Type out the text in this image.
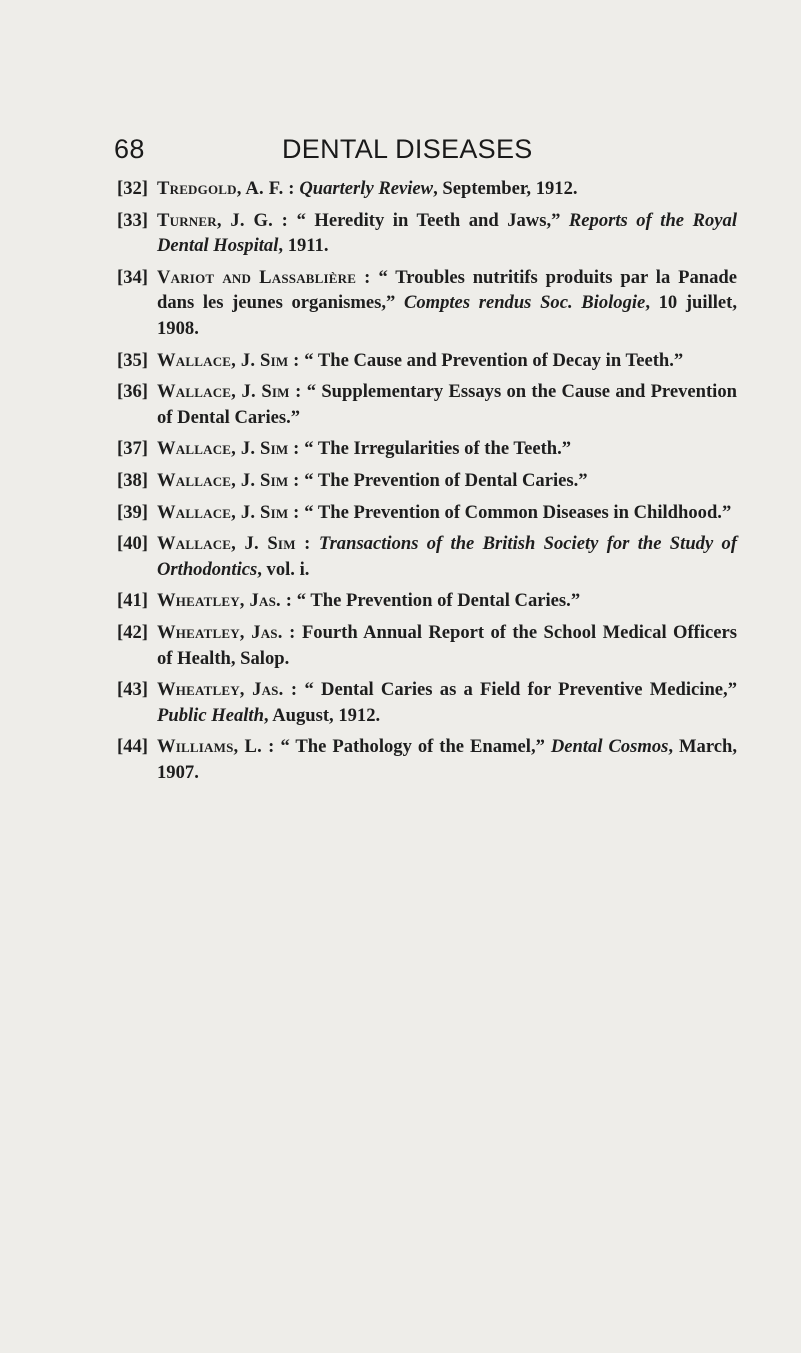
68	DENTAL DISEASES
[32] Tredgold, A. F. : Quarterly Review, September, 1912.
[33] Turner, J. G. : “ Heredity in Teeth and Jaws,” Reports of the Royal Dental Hospital, 1911.
[34] Variot and Lassablière : “ Troubles nutritifs produits par la Panade dans les jeunes organismes,” Comptes rendus Soc. Biologie, 10 juillet, 1908.
[35] Wallace, J. Sim : “ The Cause and Prevention of Decay in Teeth.”
[36] Wallace, J. Sim : “ Supplementary Essays on the Cause and Prevention of Dental Caries.”
[37] Wallace, J. Sim : “ The Irregularities of the Teeth.”
[38] Wallace, J. Sim : “ The Prevention of Dental Caries.”
[39] Wallace, J. Sim : “ The Prevention of Common Diseases in Childhood.”
[40] Wallace, J. Sim : Transactions of the British Society for the Study of Orthodontics, vol. i.
[41] Wheatley, Jas. : “ The Prevention of Dental Caries.”
[42] Wheatley, Jas. : Fourth Annual Report of the School Medical Officers of Health, Salop.
[43] Wheatley, Jas. : “ Dental Caries as a Field for Preventive Medicine,” Public Health, August, 1912.
[44] Williams, L. : “ The Pathology of the Enamel,” Dental Cosmos, March, 1907.
